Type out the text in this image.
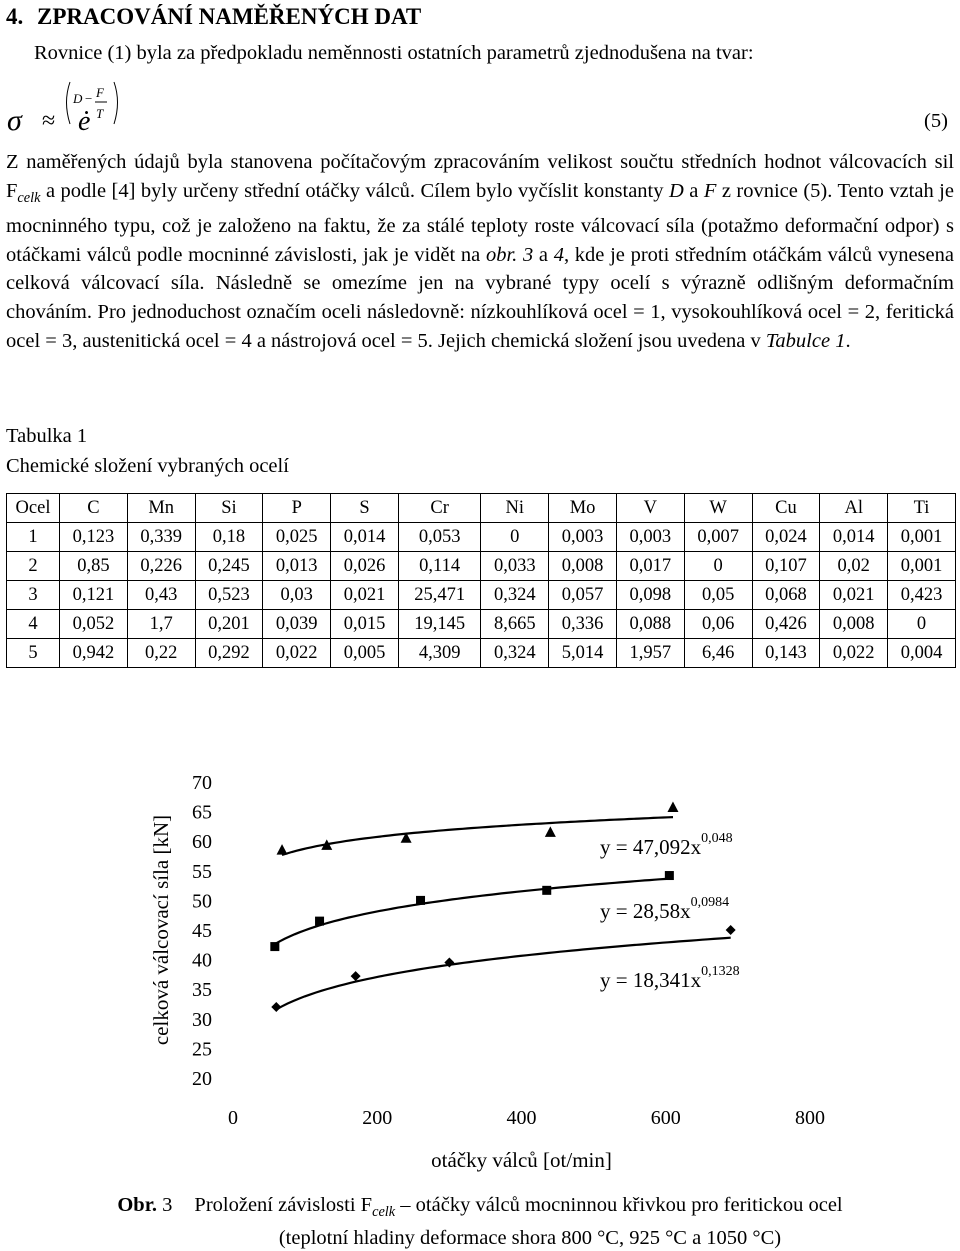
4. ZPRACOVÁNÍ NAMĚŘENÝCH DAT
Rovnice (1) byla za předpokladu neměnnosti ostatních parametrů zjednodušena na tvar:
σ ≈ ė
D − F
T	(5)
Z naměřených údajů byla stanovena počítačovým zpracováním velikost součtu středních hodnot válcovacích sil $F_{celk}$ a podle [4] byly určeny střední otáčky válců. Cílem bylo vyčíslit konstanty D a F z rovnice (5). Tento vztah je mocninného typu, což je založeno na faktu, že za stálé teploty roste válcovací síla (potažmo deformační odpor) s otáčkami válců podle mocninné závislosti, jak je vidět na obr. 3 a 4, kde je proti středním otáčkám válců vynesena celková válcovací síla. Následně se omezíme jen na vybrané typy ocelí s výrazně odlišným deformačním chováním. Pro jednoduchost označím oceli následovně: nízkouhlíková ocel = 1, vysokouhlíková ocel = 2, feritická ocel = 3, austenitická ocel = 4 a nástrojová ocel = 5. Jejich chemická složení jsou uvedena v Tabulce 1.
Tabulka 1
Chemické složení vybraných ocelí
Ocel	C	Mn	Si	P	S	Cr	Ni	Mo	V	W	Cu	Al	Ti
1	0,123	0,339	0,18	0,025	0,014	0,053	0	0,003	0,003	0,007	0,024	0,014	0,001
2	0,85	0,226	0,245	0,013	0,026	0,114	0,033	0,008	0,017	0	0,107	0,02	0,001
3	0,121	0,43	0,523	0,03	0,021	25,471	0,324	0,057	0,098	0,05	0,068	0,021	0,423
4	0,052	1,7	0,201	0,039	0,015	19,145	8,665	0,336	0,088	0,06	0,426	0,008	0
5	0,942	0,22	0,292	0,022	0,005	4,309	0,324	5,014	1,957	6,46	0,143	0,022	0,004
20
25
30
35
40
45
50
55
60
65
70
0	200	400	600	800
otáčky válců [ot/min]
celková válcovací síla [kN]	$y = 47,092x^{0,048}$
$y = 28,58x^{0,0984}$
$y = 18,341x^{0,1328}$
Obr. 3 Proložení závislosti $F_{celk}$ – otáčky válců mocninnou křivkou pro feritickou ocel
(teplotní hladiny deformace shora 800 °C, 925 °C a 1050 °C)
